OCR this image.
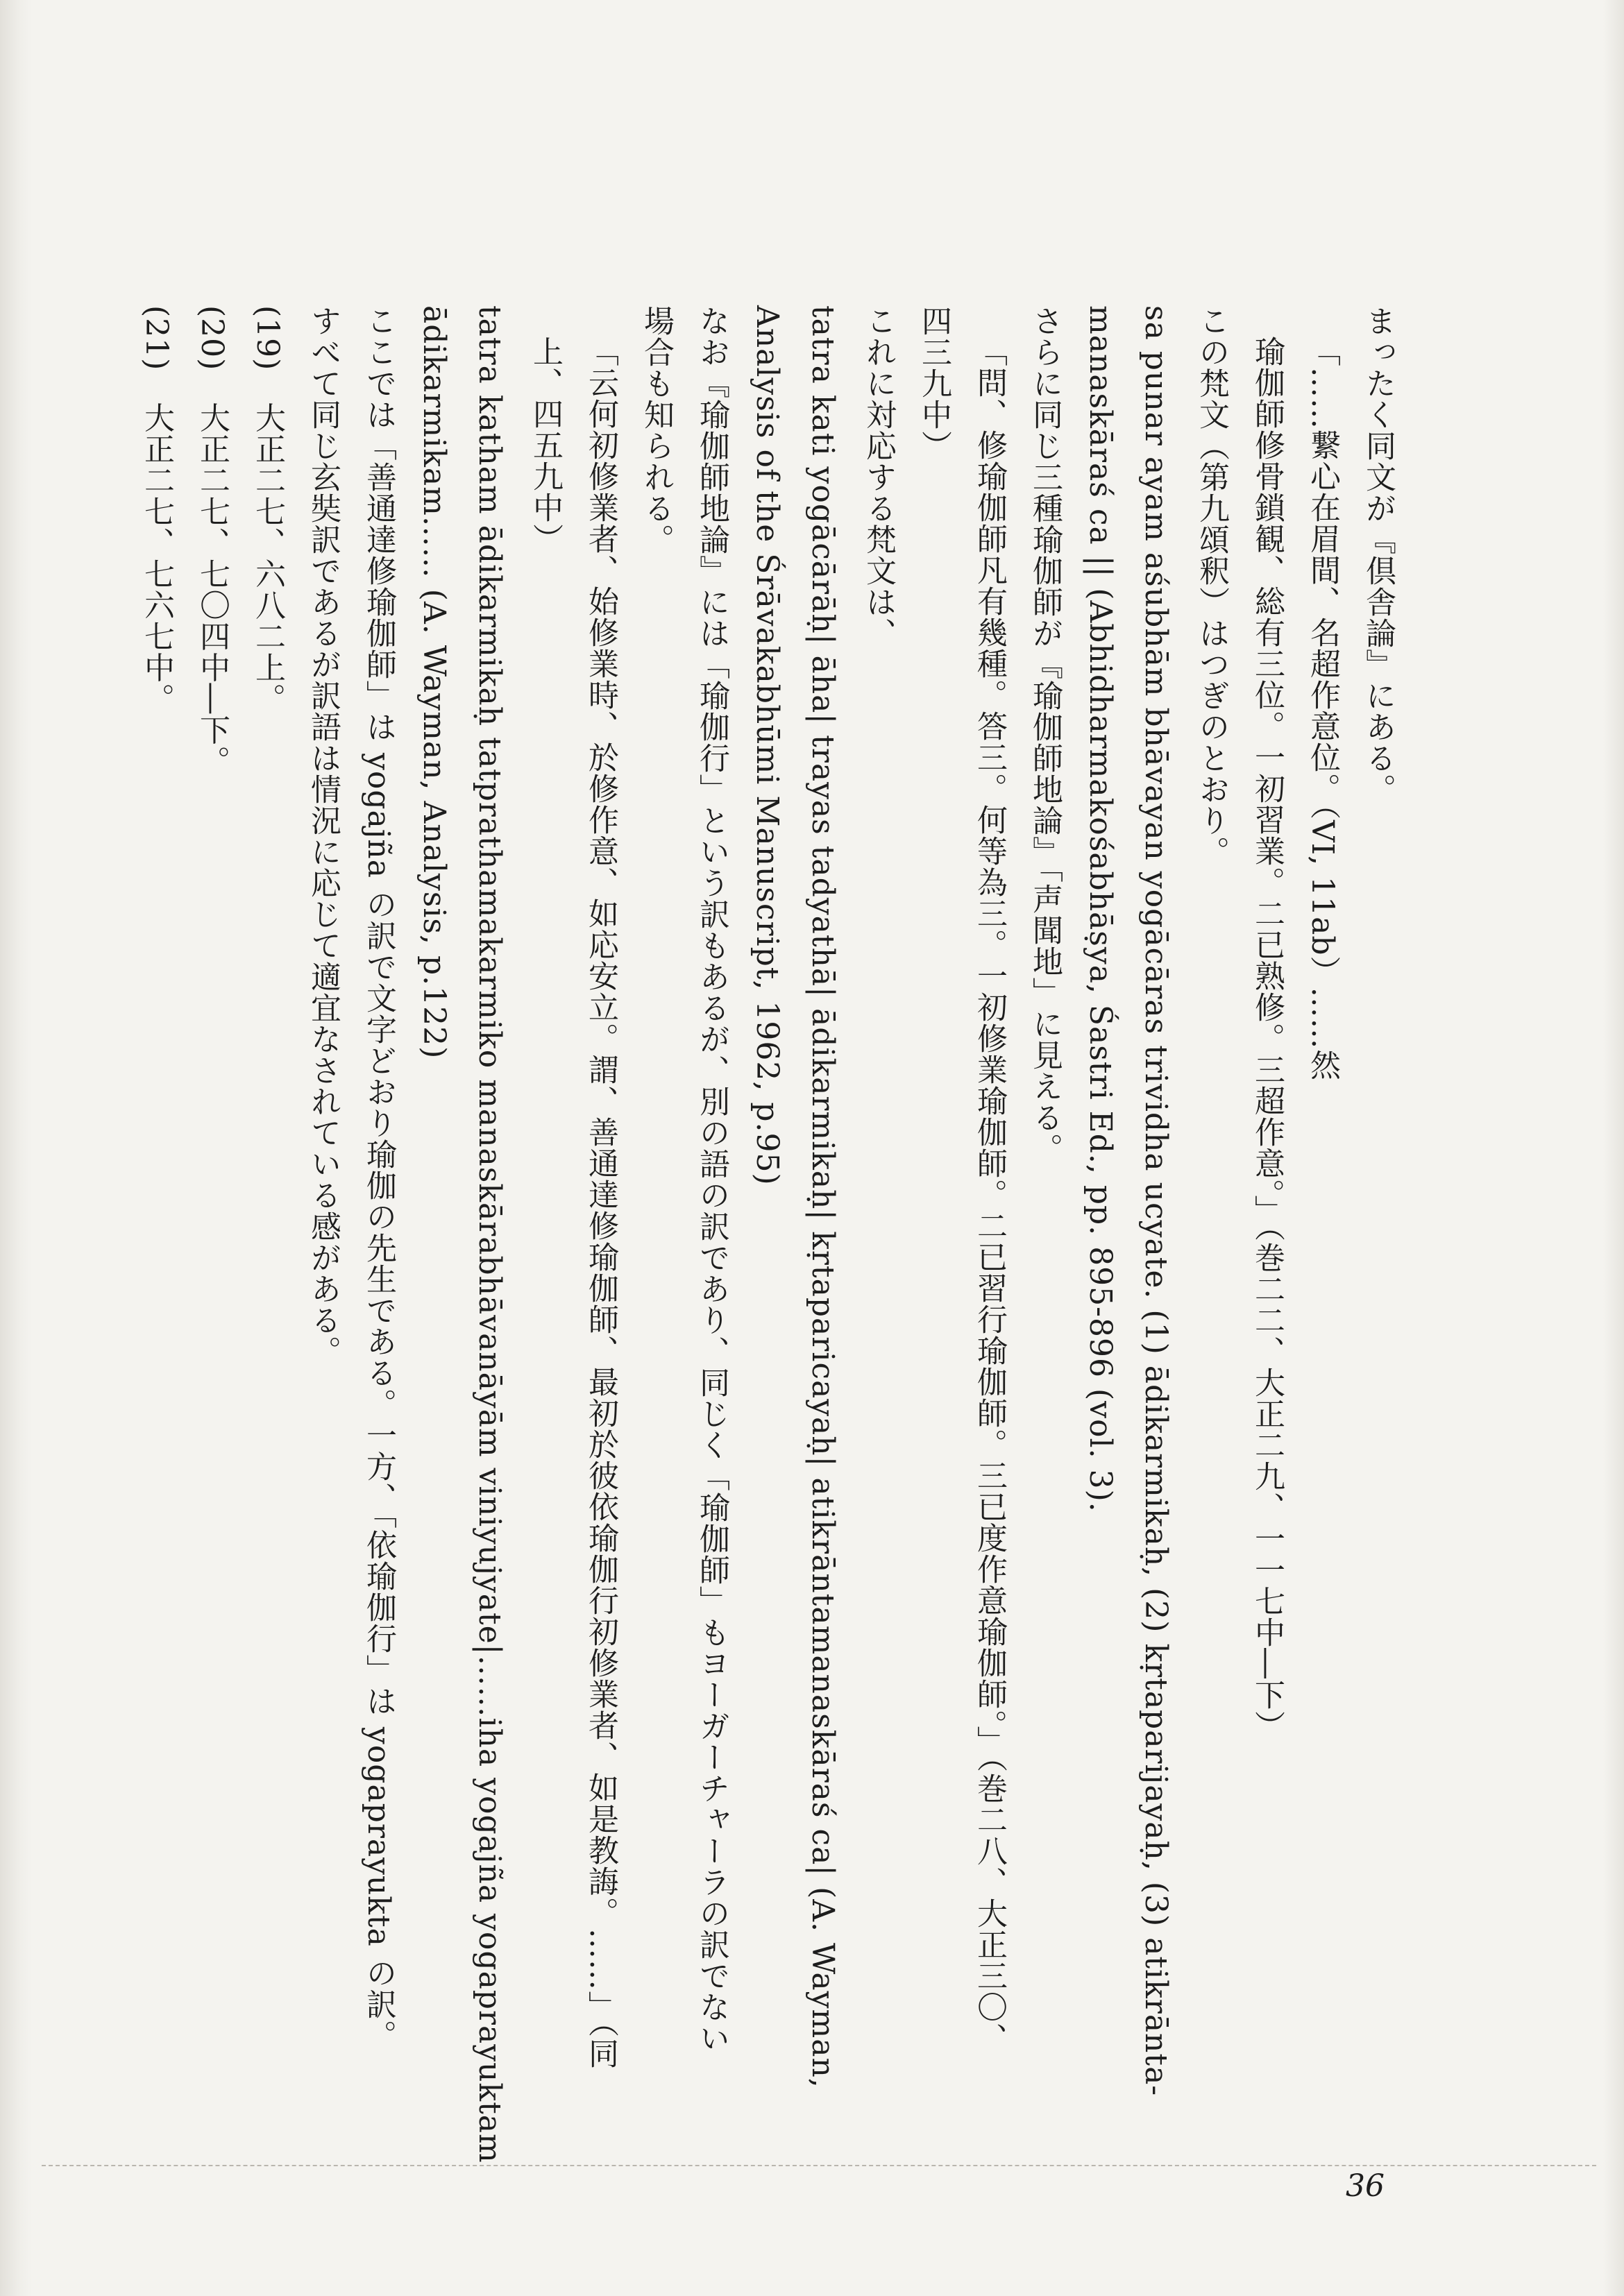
まったく同文が『倶舎論』にある。

「……繋心在眉間、名超作意位。（VI, 11ab）……然

瑜伽師修骨鎖観、総有三位。一初習業。二已熟修。三超作意。」（巻二二、大正二九、一一七中―下）

この梵文（第九頌釈）はつぎのとおり。

sa punar ayam aśubhām bhāvayan yogācāras trividha ucyate. (1) ādikarmikaḥ, (2) kṛtaparijayaḥ, (3) atikrānta-

manaskāraś ca || (Abhidharmakośabhāṣya, Śastri Ed., pp. 895-896 (vol. 3).

さらに同じ三種瑜伽師が『瑜伽師地論』「声聞地」に見える。

「問、修瑜伽師凡有幾種。答三。何等為三。一初修業瑜伽師。二已習行瑜伽師。三已度作意瑜伽師。」（巻二八、大正三〇、

四三九中）

これに対応する梵文は、

tatra kati yogācārāḥ| āha| trayas tadyathā| ādikarmikaḥ| kṛtaparicayaḥ| atikrāntamanaskāraś ca| (A. Wayman,

Analysis of the Śrāvakabhūmi Manuscript, 1962, p.95)

なお『瑜伽師地論』には「瑜伽行」という訳もあるが、別の語の訳であり、同じく「瑜伽師」もヨーガーチャーラの訳でない

場合も知られる。

「云何初修業者、始修業時、於修作意、如応安立。謂、善通達修瑜伽師、最初於彼依瑜伽行初修業者、如是教誨。……」（同

上、四五九中）

tatra katham ādikarmikaḥ tatprathamakarmiko manaskārabhāvanāyām viniyujyate|……iha yogajña yogaprayuktam

ādikarmikam…… (A. Wayman, Analysis, p.122)

ここでは「善通達修瑜伽師」は yogajña の訳で文字どおり瑜伽の先生である。一方、「依瑜伽行」は yogaprayukta の訳。

すべて同じ玄奘訳であるが訳語は情況に応じて適宜なされている感がある。

(19)　大正二七、六八二上。

(20)　大正二七、七〇四中―下。

(21)　大正二七、七六七中。

36
